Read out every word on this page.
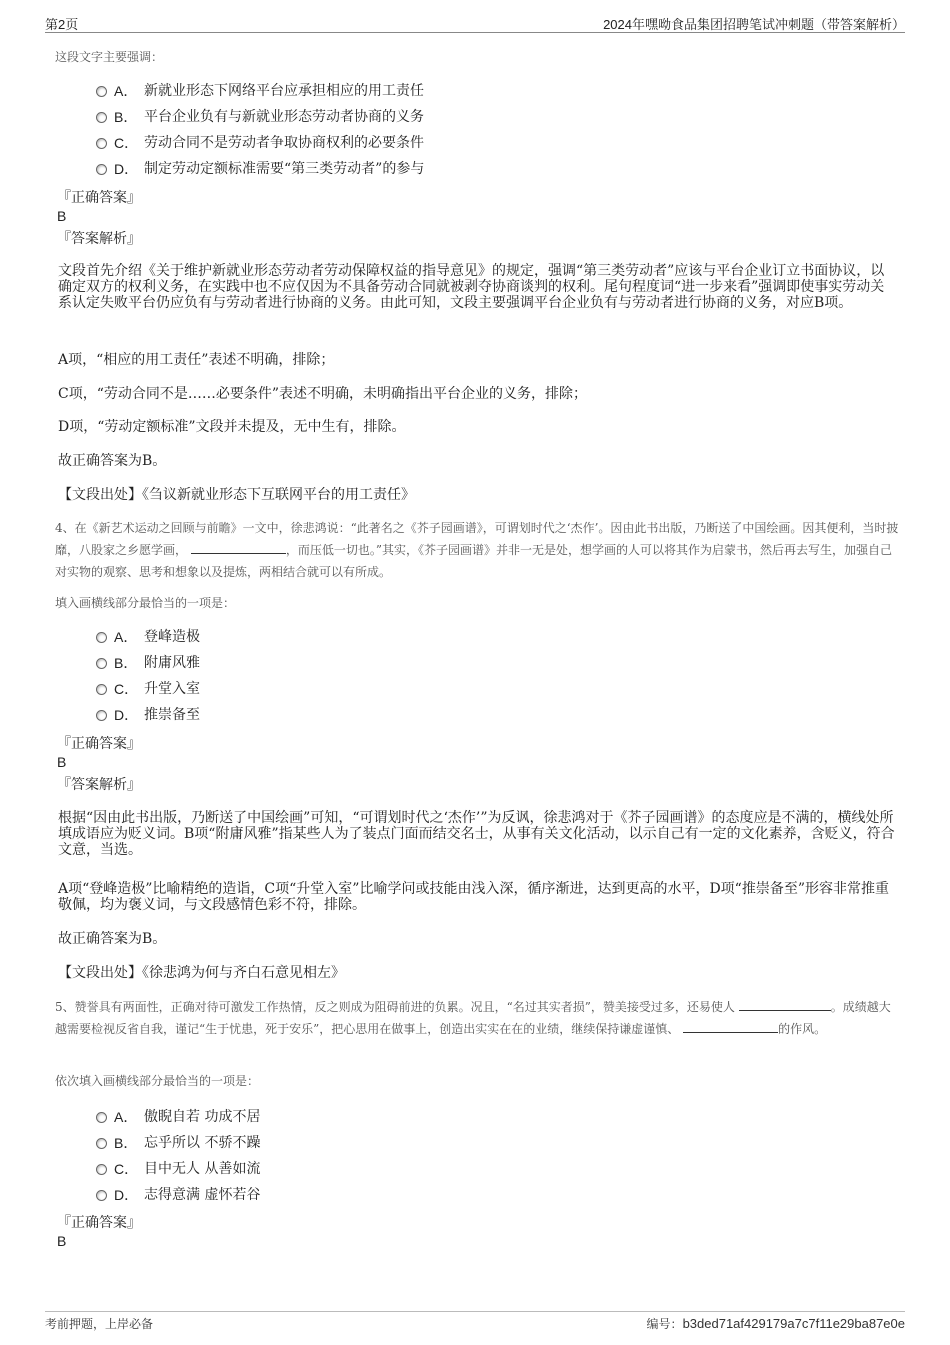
第2页	2024年嘿呦食品集团招聘笔试冲刺题（带答案解析）
这段文字主要强调：
A． 新就业形态下网络平台应承担相应的用工责任
B． 平台企业负有与新就业形态劳动者协商的义务
C． 劳动合同不是劳动者争取协商权利的必要条件
D． 制定劳动定额标准需要“第三类劳动者”的参与
『正确答案』
B
『答案解析』
文段首先介绍《关于维护新就业形态劳动者劳动保障权益的指导意见》的规定，强调“第三类劳动者”应该与平台企业订立书面协议，以确定双方的权利义务，在实践中也不应仅因为不具备劳动合同就被剥夺协商谈判的权利。尾句程度词“进一步来看”强调即使事实劳动关系认定失败平台仍应负有与劳动者进行协商的义务。由此可知，文段主要强调平台企业负有与劳动者进行协商的义务，对应B项。
A项，“相应的用工责任”表述不明确，排除；
C项，“劳动合同不是……必要条件”表述不明确，未明确指出平台企业的义务，排除；
D项，“劳动定额标准”文段并未提及，无中生有，排除。
故正确答案为B。
【文段出处】《刍议新就业形态下互联网平台的用工责任》
4、在《新艺术运动之回顾与前瞻》一文中，徐悲鸿说：“此著名之《芥子园画谱》，可谓划时代之‘杰作’。因由此书出版，乃断送了中国绘画。因其便利，当时披靡，八股家之乡愿学画，	，而压低一切也。”其实，《芥子园画谱》并非一无是处，想学画的人可以将其作为启蒙书，然后再去写生，加强自己对实物的观察、思考和想象以及提炼，两相结合就可以有所成。
填入画横线部分最恰当的一项是：
A． 登峰造极
B． 附庸风雅
C． 升堂入室
D． 推崇备至
『正确答案』
B
『答案解析』
根据“因由此书出版，乃断送了中国绘画”可知，“可谓划时代之‘杰作’”为反讽，徐悲鸿对于《芥子园画谱》的态度应是不满的，横线处所填成语应为贬义词。B项“附庸风雅”指某些人为了装点门面而结交名士，从事有关文化活动，以示自己有一定的文化素养，含贬义，符合文意，当选。
A项“登峰造极”比喻精绝的造诣，C项“升堂入室”比喻学问或技能由浅入深，循序渐进，达到更高的水平，D项“推崇备至”形容非常推重敬佩，均为褒义词，与文段感情色彩不符，排除。
故正确答案为B。
【文段出处】《徐悲鸿为何与齐白石意见相左》
5、赞誉具有两面性，正确对待可激发工作热情，反之则成为阻碍前进的负累。况且，“名过其实者损”，赞美接受过多，还易使人	。成绩越大越需要检视反省自我，谨记“生于忧患，死于安乐”，把心思用在做事上，创造出实实在在的业绩，继续保持谦虚谨慎、	的作风。
依次填入画横线部分最恰当的一项是：
A． 傲睨自若 功成不居
B． 忘乎所以 不骄不躁
C． 目中无人 从善如流
D． 志得意满 虚怀若谷
『正确答案』
B
考前押题，上岸必备	编号：b3ded71af429179a7c7f11e29ba87e0e
